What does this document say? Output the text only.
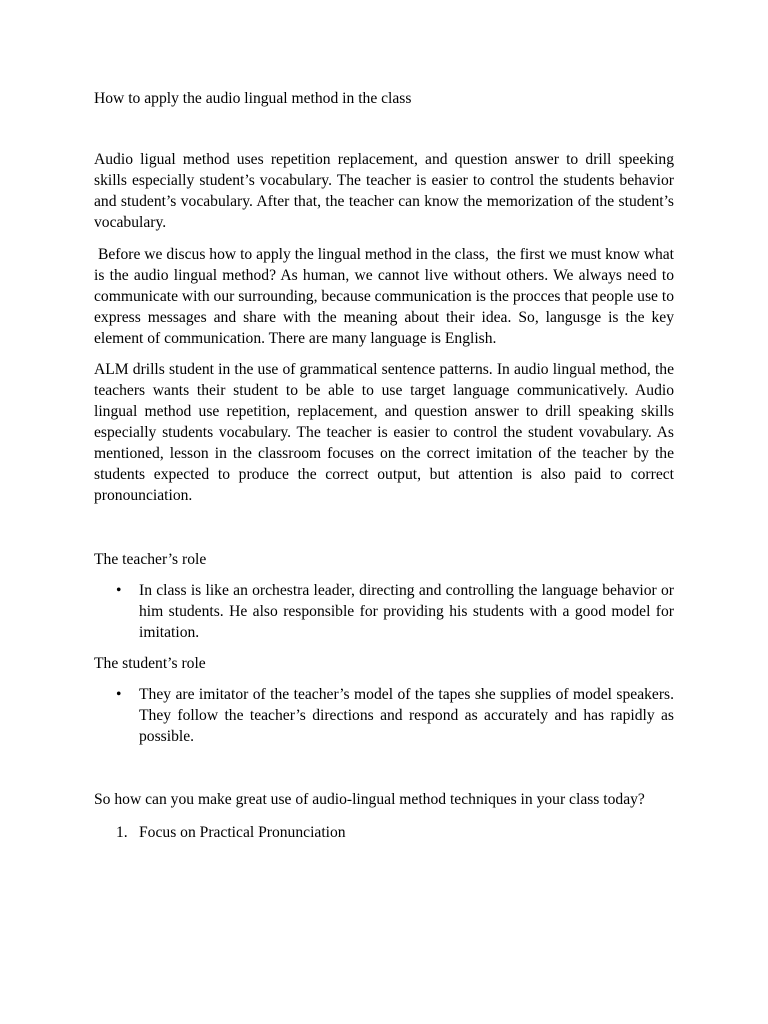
How to apply the audio lingual method in the class

Audio ligual method uses repetition replacement, and question answer to drill speeking skills especially student’s vocabulary. The teacher is easier to control the students behavior and student’s vocabulary. After that, the teacher can know the memorization of the student’s vocabulary.

Before we discus how to apply the lingual method in the class,  the first we must know what is the audio lingual method? As human, we cannot live without others. We always need to communicate with our surrounding, because communication is the procces that people use to express messages and share with the meaning about their idea. So, langusge is the key element of communication. There are many language is English.

ALM drills student in the use of grammatical sentence patterns. In audio lingual method, the teachers wants their student to be able to use target language communicatively. Audio lingual method use repetition, replacement, and question answer to drill speaking skills especially students vocabulary. The teacher is easier to control the student vovabulary. As mentioned, lesson in the classroom focuses on the correct imitation of the teacher by the students expected to produce the correct output, but attention is also paid to correct pronounciation.

The teacher’s role

• In class is like an orchestra leader, directing and controlling the language behavior or him students. He also responsible for providing his students with a good model for imitation.

The student’s role

• They are imitator of the teacher’s model of the tapes she supplies of model speakers. They follow the teacher’s directions and respond as accurately and has rapidly as possible.

So how can you make great use of audio-lingual method techniques in your class today?

1. Focus on Practical Pronunciation
